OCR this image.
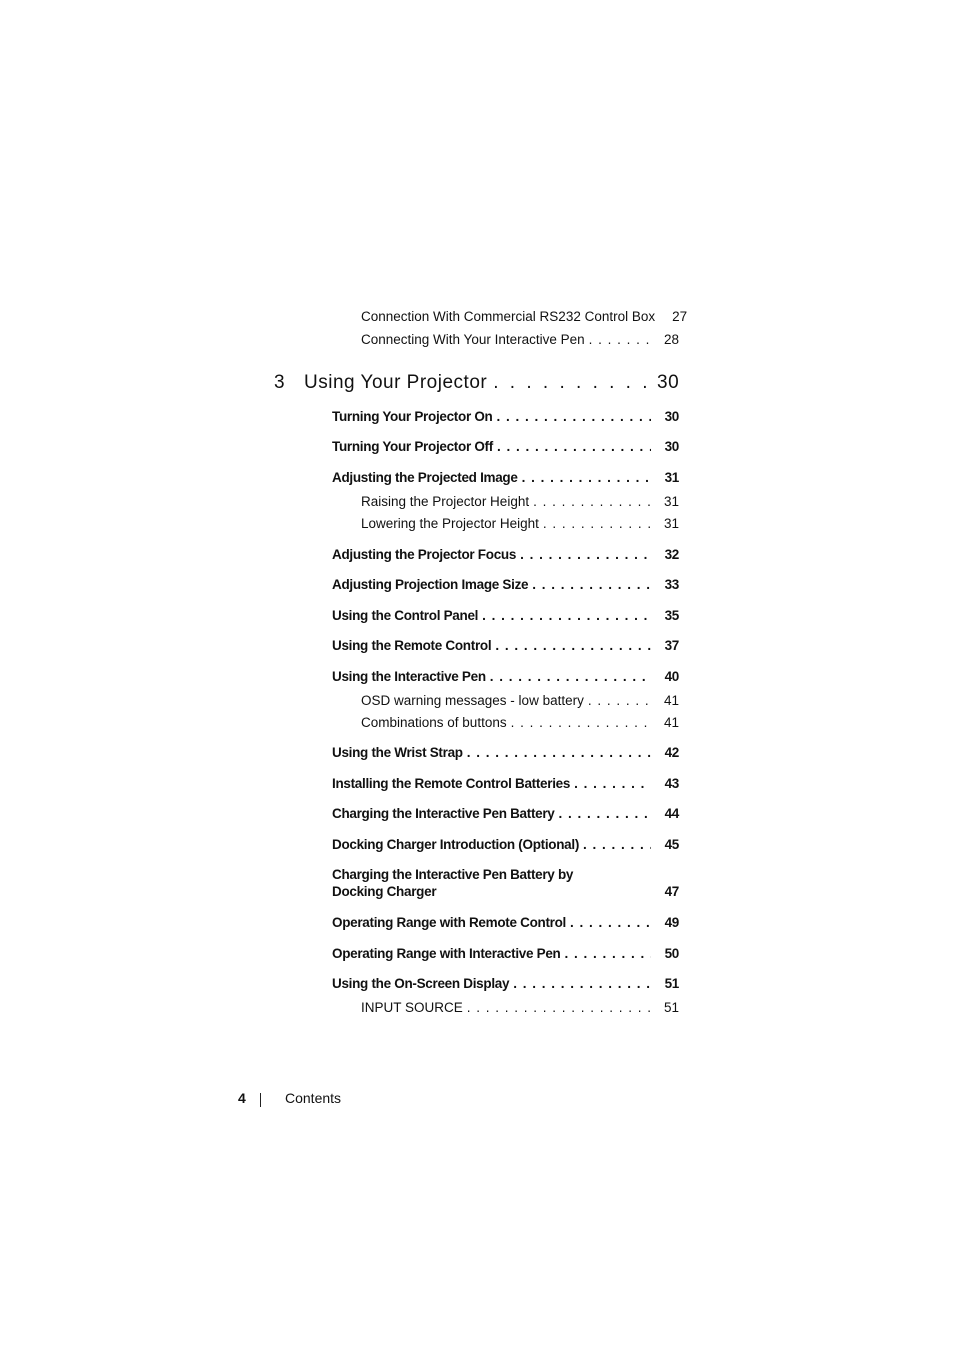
Connection With Commercial RS232 Control Box	27
Connecting With Your Interactive Pen . . .	28
3 Using Your Projector . . .	30
Turning Your Projector On . . .	30
Turning Your Projector Off . . .	30
Adjusting the Projected Image . . .	31
Raising the Projector Height . . .	31
Lowering the Projector Height . . .	31
Adjusting the Projector Focus . . .	32
Adjusting Projection Image Size . . .	33
Using the Control Panel . . .	35
Using the Remote Control . . .	37
Using the Interactive Pen . . .	40
OSD warning messages - low battery . . .	41
Combinations of buttons . . .	41
Using the Wrist Strap . . .	42
Installing the Remote Control Batteries . . .	43
Charging the Interactive Pen Battery . . .	44
Docking Charger Introduction (Optional) . . .	45
Charging the Interactive Pen Battery by
Docking Charger	47
Operating Range with Remote Control . . .	49
Operating Range with Interactive Pen . . .	50
Using the On-Screen Display . . .	51
INPUT SOURCE . . .	51
4	Contents
